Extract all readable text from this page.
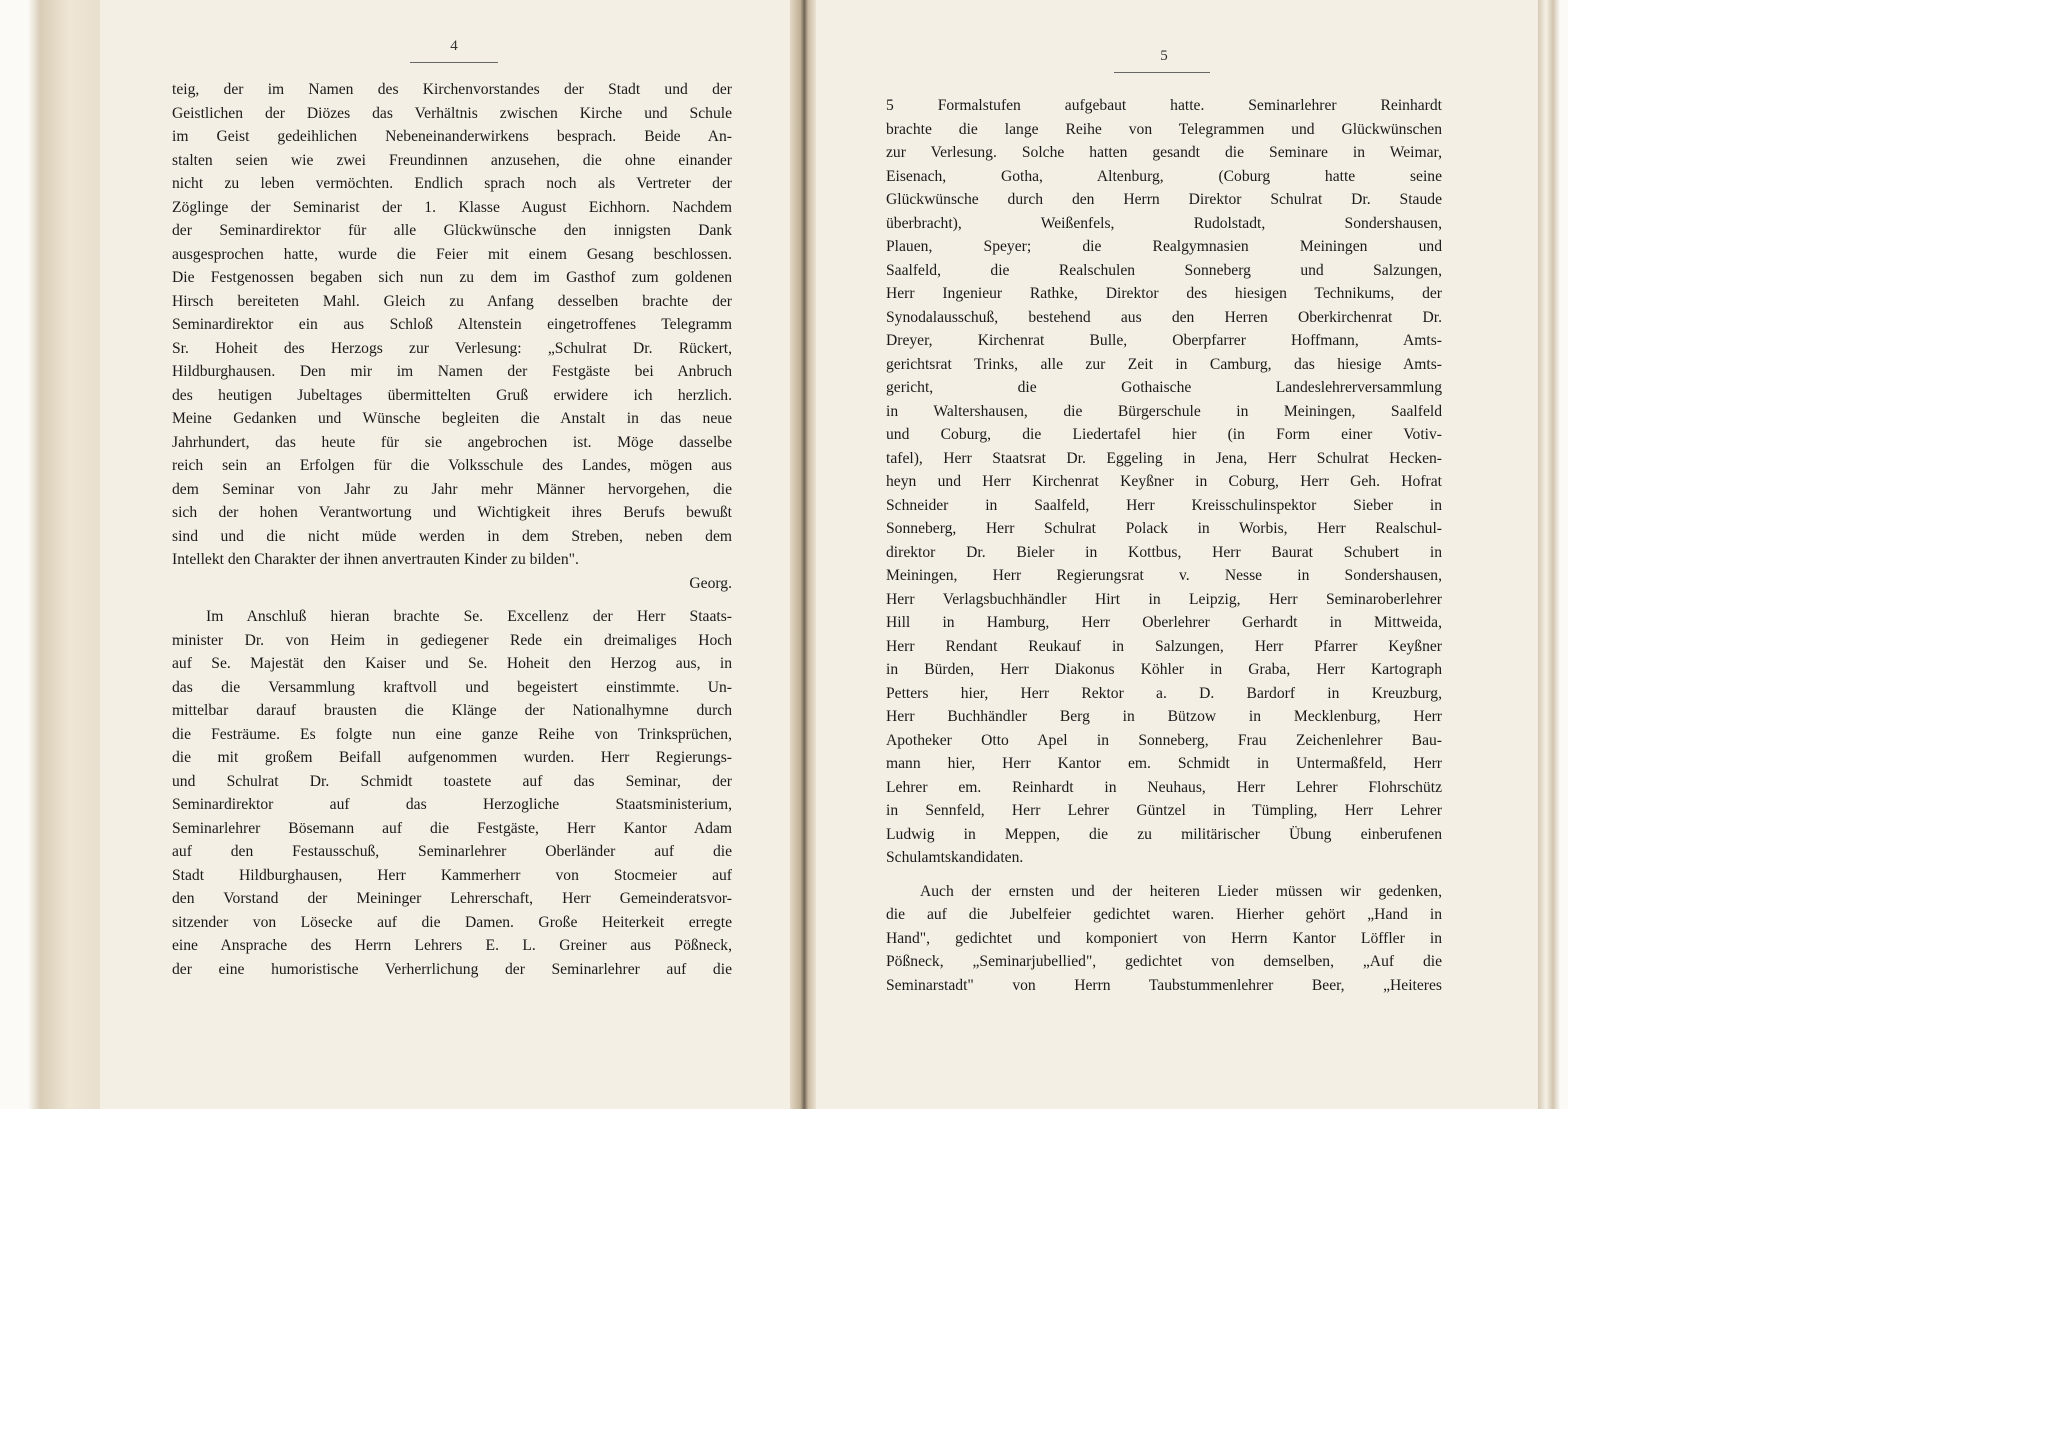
4
5
teig, der im Namen des Kirchenvorstandes der Stadt und der
Geistlichen der Diözes das Verhältnis zwischen Kirche und Schule
im Geist gedeihlichen Nebeneinanderwirkens besprach. Beide An-
stalten seien wie zwei Freundinnen anzusehen, die ohne einander
nicht zu leben vermöchten. Endlich sprach noch als Vertreter der
Zöglinge der Seminarist der 1. Klasse August Eichhorn. Nachdem
der Seminardirektor für alle Glückwünsche den innigsten Dank
ausgesprochen hatte, wurde die Feier mit einem Gesang beschlossen.
Die Festgenossen begaben sich nun zu dem im Gasthof zum goldenen
Hirsch bereiteten Mahl. Gleich zu Anfang desselben brachte der
Seminardirektor ein aus Schloß Altenstein eingetroffenes Telegramm
Sr. Hoheit des Herzogs zur Verlesung: „Schulrat Dr. Rückert,
Hildburghausen. Den mir im Namen der Festgäste bei Anbruch
des heutigen Jubeltages übermittelten Gruß erwidere ich herzlich.
Meine Gedanken und Wünsche begleiten die Anstalt in das neue
Jahrhundert, das heute für sie angebrochen ist. Möge dasselbe
reich sein an Erfolgen für die Volksschule des Landes, mögen aus
dem Seminar von Jahr zu Jahr mehr Männer hervorgehen, die
sich der hohen Verantwortung und Wichtigkeit ihres Berufs bewußt
sind und die nicht müde werden in dem Streben, neben dem
Intellekt den Charakter der ihnen anvertrauten Kinder zu bilden".
Georg.
Im Anschluß hieran brachte Se. Excellenz der Herr Staats-
minister Dr. von Heim in gediegener Rede ein dreimaliges Hoch
auf Se. Majestät den Kaiser und Se. Hoheit den Herzog aus, in
das die Versammlung kraftvoll und begeistert einstimmte. Un-
mittelbar darauf brausten die Klänge der Nationalhymne durch
die Festräume. Es folgte nun eine ganze Reihe von Trinksprüchen,
die mit großem Beifall aufgenommen wurden. Herr Regierungs-
und Schulrat Dr. Schmidt toastete auf das Seminar, der
Seminardirektor auf das Herzogliche Staatsministerium,
Seminarlehrer Bösemann auf die Festgäste, Herr Kantor Adam
auf den Festausschuß, Seminarlehrer Oberländer auf die
Stadt Hildburghausen, Herr Kammerherr von Stocmeier auf
den Vorstand der Meininger Lehrerschaft, Herr Gemeinderatsvor-
sitzender von Lösecke auf die Damen. Große Heiterkeit erregte
eine Ansprache des Herrn Lehrers E. L. Greiner aus Pößneck,
der eine humoristische Verherrlichung der Seminarlehrer auf die
5 Formalstufen aufgebaut hatte. Seminarlehrer Reinhardt
brachte die lange Reihe von Telegrammen und Glückwünschen
zur Verlesung. Solche hatten gesandt die Seminare in Weimar,
Eisenach, Gotha, Altenburg, (Coburg hatte seine
Glückwünsche durch den Herrn Direktor Schulrat Dr. Staude
überbracht), Weißenfels, Rudolstadt, Sondershausen,
Plauen, Speyer; die Realgymnasien Meiningen und
Saalfeld, die Realschulen Sonneberg und Salzungen,
Herr Ingenieur Rathke, Direktor des hiesigen Technikums, der
Synodalausschuß, bestehend aus den Herren Oberkirchenrat Dr.
Dreyer, Kirchenrat Bulle, Oberpfarrer Hoffmann, Amts-
gerichtsrat Trinks, alle zur Zeit in Camburg, das hiesige Amts-
gericht, die Gothaische Landeslehrerversammlung
in Waltershausen, die Bürgerschule in Meiningen, Saalfeld
und Coburg, die Liedertafel hier (in Form einer Votiv-
tafel), Herr Staatsrat Dr. Eggeling in Jena, Herr Schulrat Hecken-
heyn und Herr Kirchenrat Keyßner in Coburg, Herr Geh. Hofrat
Schneider in Saalfeld, Herr Kreisschulinspektor Sieber in
Sonneberg, Herr Schulrat Polack in Worbis, Herr Realschul-
direktor Dr. Bieler in Kottbus, Herr Baurat Schubert in
Meiningen, Herr Regierungsrat v. Nesse in Sondershausen,
Herr Verlagsbuchhändler Hirt in Leipzig, Herr Seminaroberlehrer
Hill in Hamburg, Herr Oberlehrer Gerhardt in Mittweida,
Herr Rendant Reukauf in Salzungen, Herr Pfarrer Keyßner
in Bürden, Herr Diakonus Köhler in Graba, Herr Kartograph
Petters hier, Herr Rektor a. D. Bardorf in Kreuzburg,
Herr Buchhändler Berg in Bützow in Mecklenburg, Herr
Apotheker Otto Apel in Sonneberg, Frau Zeichenlehrer Bau-
mann hier, Herr Kantor em. Schmidt in Untermaßfeld, Herr
Lehrer em. Reinhardt in Neuhaus, Herr Lehrer Flohrschütz
in Sennfeld, Herr Lehrer Güntzel in Tümpling, Herr Lehrer
Ludwig in Meppen, die zu militärischer Übung einberufenen
Schulamtskandidaten.
Auch der ernsten und der heiteren Lieder müssen wir gedenken,
die auf die Jubelfeier gedichtet waren. Hierher gehört „Hand in
Hand", gedichtet und komponiert von Herrn Kantor Löffler in
Pößneck, „Seminarjubellied", gedichtet von demselben, „Auf die
Seminarstadt" von Herrn Taubstummenlehrer Beer, „Heiteres
